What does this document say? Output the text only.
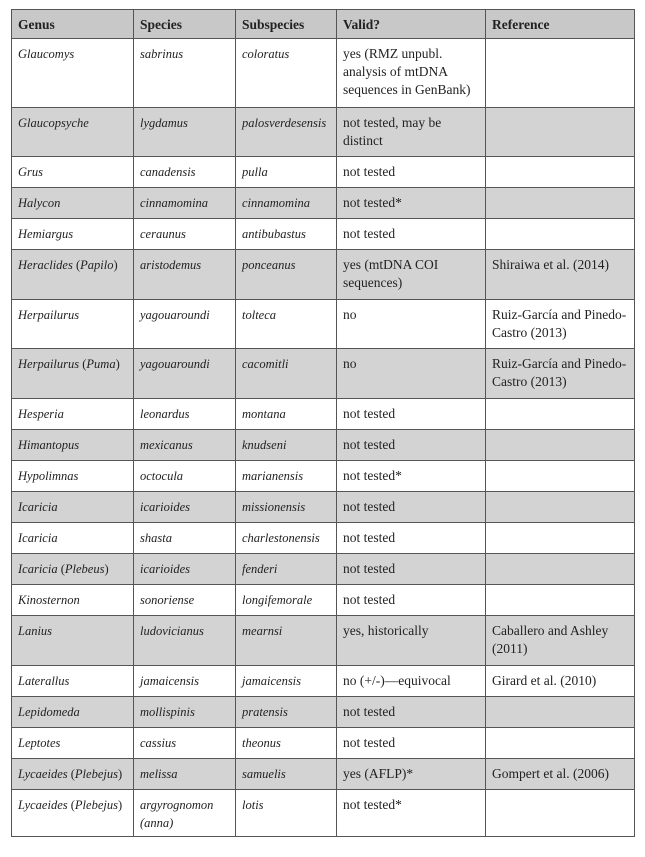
Genus	Species	Subspecies	Valid?	Reference
Glaucomys	sabrinus	coloratus	yes (RMZ unpubl. analysis of mtDNA sequences in GenBank)	
Glaucopsyche	lygdamus	palosverdesensis	not tested, may be distinct	
Grus	canadensis	pulla	not tested	
Halycon	cinnamomina	cinnamomina	not tested*	
Hemiargus	ceraunus	antibubastus	not tested	
Heraclides (Papilo)	aristodemus	ponceanus	yes (mtDNA COI sequences)	Shiraiwa et al. (2014)
Herpailurus	yagouaroundi	tolteca	no	Ruiz-García and Pinedo-Castro (2013)
Herpailurus (Puma)	yagouaroundi	cacomitli	no	Ruiz-García and Pinedo-Castro (2013)
Hesperia	leonardus	montana	not tested	
Himantopus	mexicanus	knudseni	not tested	
Hypolimnas	octocula	marianensis	not tested*	
Icaricia	icarioides	missionensis	not tested	
Icaricia	shasta	charlestonensis	not tested	
Icaricia (Plebeus)	icarioides	fenderi	not tested	
Kinosternon	sonoriense	longifemorale	not tested	
Lanius	ludovicianus	mearnsi	yes, historically	Caballero and Ashley (2011)
Laterallus	jamaicensis	jamaicensis	no (+/-)—equivocal	Girard et al. (2010)
Lepidomeda	mollispinis	pratensis	not tested	
Leptotes	cassius	theonus	not tested	
Lycaeides (Plebejus)	melissa	samuelis	yes (AFLP)*	Gompert et al. (2006)
Lycaeides (Plebejus)	argyrognomon (anna)	lotis	not tested*	
